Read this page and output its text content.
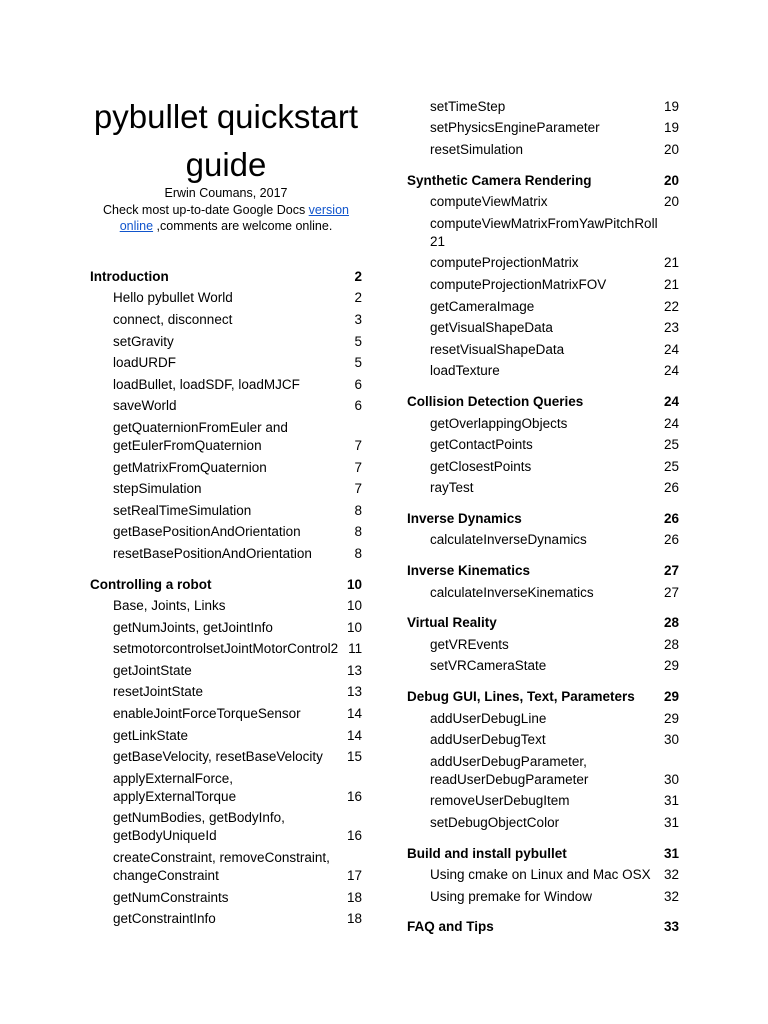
pybullet quickstart
guide
Erwin Coumans, 2017
Check most up-to-date Google Docs version
online ,comments are welcome online.
Introduction	2
Hello pybullet World	2
connect, disconnect	3
setGravity	5
loadURDF	5
loadBullet, loadSDF, loadMJCF	6
saveWorld	6
getQuaternionFromEuler and getEulerFromQuaternion	7
getMatrixFromQuaternion	7
stepSimulation	7
setRealTimeSimulation	8
getBasePositionAndOrientation	8
resetBasePositionAndOrientation	8
Controlling a robot	10
Base, Joints, Links	10
getNumJoints, getJointInfo	10
setmotorcontrolsetJointMotorControl2 11
getJointState	13
resetJointState	13
enableJointForceTorqueSensor	14
getLinkState	14
getBaseVelocity, resetBaseVelocity	15
applyExternalForce, applyExternalTorque	16
getNumBodies, getBodyInfo, getBodyUniqueId	16
createConstraint, removeConstraint, changeConstraint	17
getNumConstraints	18
getConstraintInfo	18
setTimeStep	19
setPhysicsEngineParameter	19
resetSimulation	20
Synthetic Camera Rendering	20
computeViewMatrix	20
computeViewMatrixFromYawPitchRoll
21
computeProjectionMatrix	21
computeProjectionMatrixFOV	21
getCameraImage	22
getVisualShapeData	23
resetVisualShapeData	24
loadTexture	24
Collision Detection Queries	24
getOverlappingObjects	24
getContactPoints	25
getClosestPoints	25
rayTest	26
Inverse Dynamics	26
calculateInverseDynamics	26
Inverse Kinematics	27
calculateInverseKinematics	27
Virtual Reality	28
getVREvents	28
setVRCameraState	29
Debug GUI, Lines, Text, Parameters	29
addUserDebugLine	29
addUserDebugText	30
addUserDebugParameter, readUserDebugParameter	30
removeUserDebugItem	31
setDebugObjectColor	31
Build and install pybullet	31
Using cmake on Linux and Mac OSX 32
Using premake for Window	32
FAQ and Tips	33
